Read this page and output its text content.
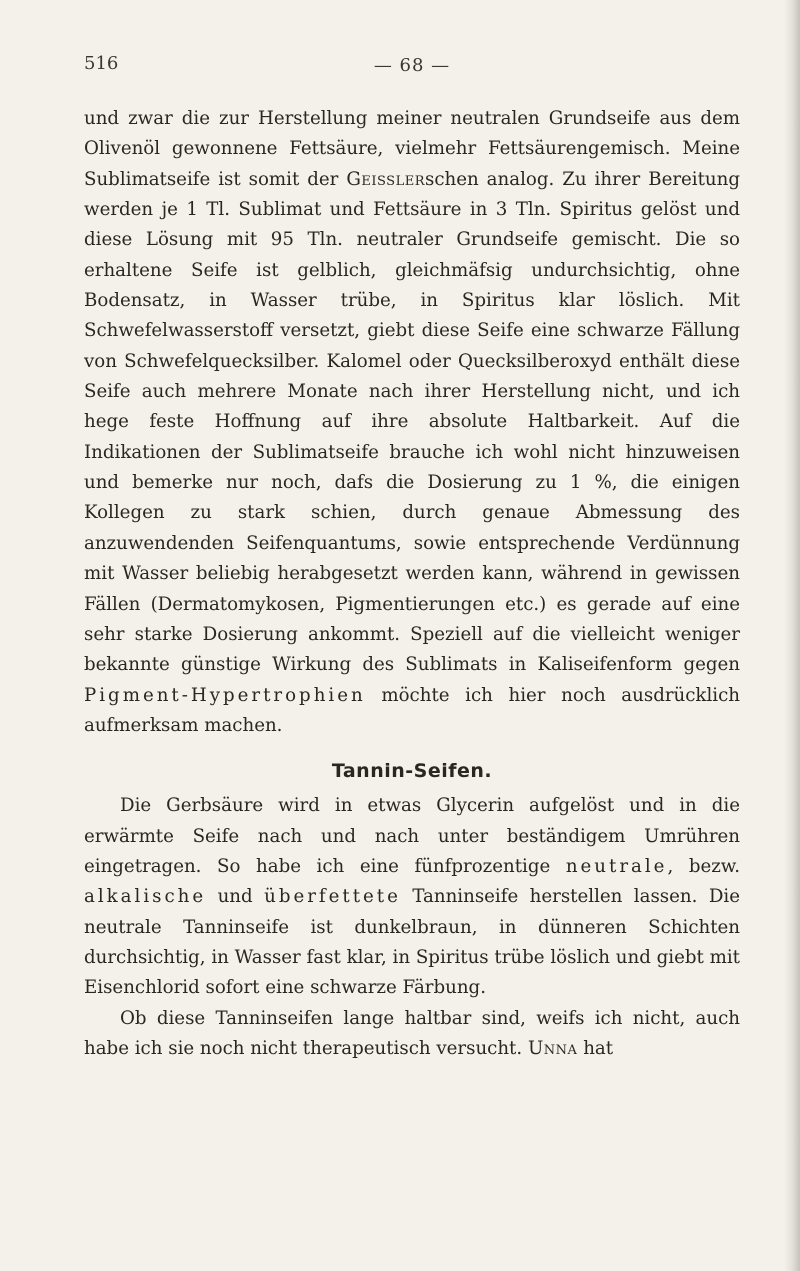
516	— 68 —

und zwar die zur Herstellung meiner neutralen Grundseife aus dem Olivenöl gewonnene Fettsäure, vielmehr Fettsäurengemisch. Meine Sublimatseife ist somit der Geisslerschen analog. Zu ihrer Bereitung werden je 1 Tl. Sublimat und Fettsäure in 3 Tln. Spiritus gelöst und diese Lösung mit 95 Tln. neutraler Grundseife gemischt. Die so erhaltene Seife ist gelblich, gleichmäfsig undurchsichtig, ohne Bodensatz, in Wasser trübe, in Spiritus klar löslich. Mit Schwefelwasserstoff versetzt, giebt diese Seife eine schwarze Fällung von Schwefelquecksilber. Kalomel oder Quecksilberoxyd enthält diese Seife auch mehrere Monate nach ihrer Herstellung nicht, und ich hege feste Hoffnung auf ihre absolute Haltbarkeit. Auf die Indikationen der Sublimatseife brauche ich wohl nicht hinzuweisen und bemerke nur noch, dafs die Dosierung zu 1 %, die einigen Kollegen zu stark schien, durch genaue Abmessung des anzuwendenden Seifenquantums, sowie entsprechende Verdünnung mit Wasser beliebig herabgesetzt werden kann, während in gewissen Fällen (Dermatomykosen, Pigmentierungen etc.) es gerade auf eine sehr starke Dosierung ankommt. Speziell auf die vielleicht weniger bekannte günstige Wirkung des Sublimats in Kaliseifenform gegen Pigment-Hypertrophien möchte ich hier noch ausdrücklich aufmerksam machen.

Tannin-Seifen.

Die Gerbsäure wird in etwas Glycerin aufgelöst und in die erwärmte Seife nach und nach unter beständigem Umrühren eingetragen. So habe ich eine fünfprozentige neutrale, bezw. alkalische und überfettete Tanninseife herstellen lassen. Die neutrale Tanninseife ist dunkelbraun, in dünneren Schichten durchsichtig, in Wasser fast klar, in Spiritus trübe löslich und giebt mit Eisenchlorid sofort eine schwarze Färbung.

Ob diese Tanninseifen lange haltbar sind, weifs ich nicht, auch habe ich sie noch nicht therapeutisch versucht. Unna hat
